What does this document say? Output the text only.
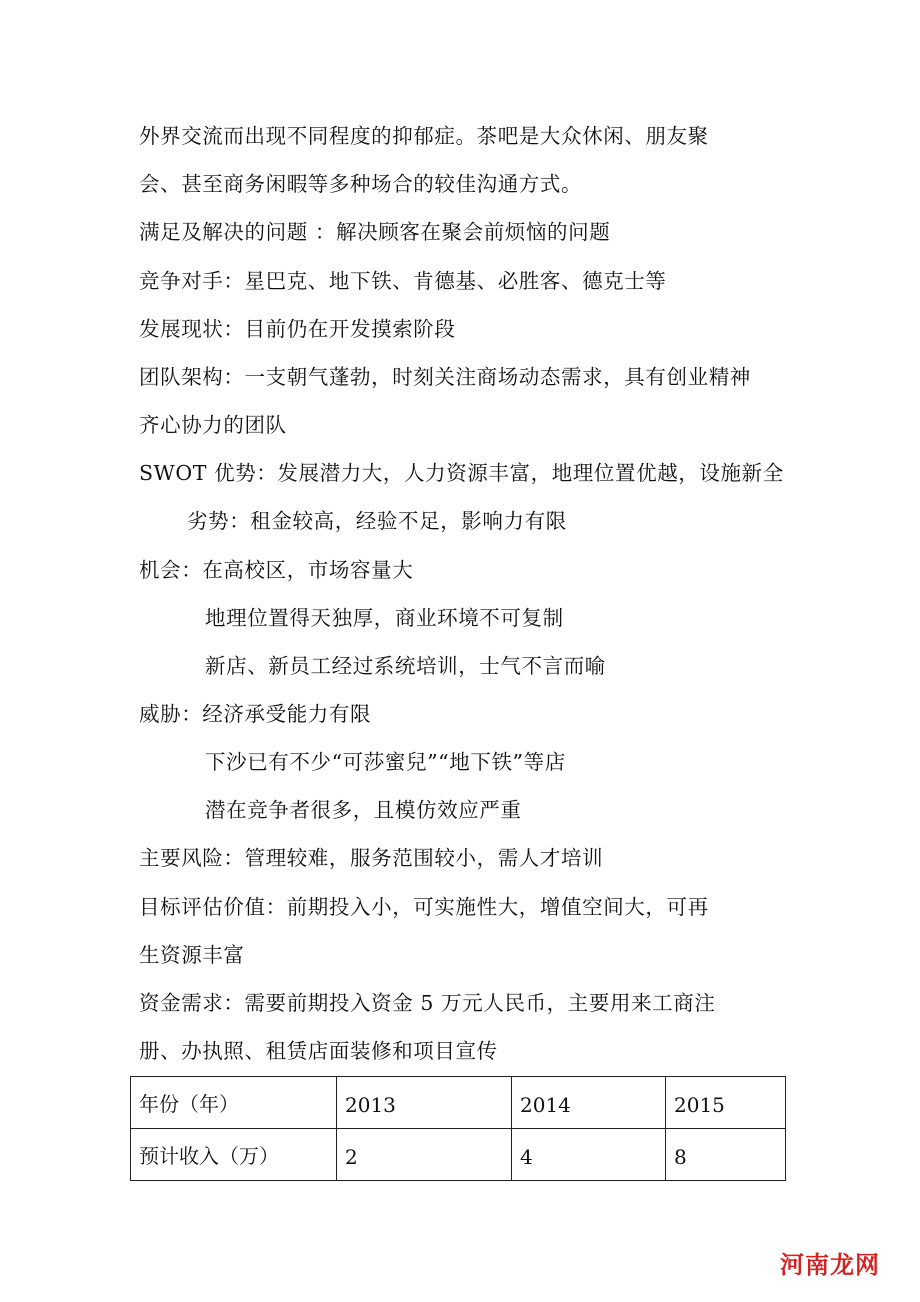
外界交流而出现不同程度的抑郁症。茶吧是大众休闲、朋友聚
会、甚至商务闲暇等多种场合的较佳沟通方式。
满足及解决的问题 ：解决顾客在聚会前烦恼的问题
竞争对手：星巴克、地下铁、肯德基、必胜客、德克士等
发展现状：目前仍在开发摸索阶段
团队架构：一支朝气蓬勃，时刻关注商场动态需求，具有创业精神
齐心协力的团队
SWOT 优势：发展潜力大，人力资源丰富，地理位置优越，设施新全
劣势：租金较高，经验不足，影响力有限
机会：在高校区，市场容量大
地理位置得天独厚，商业环境不可复制
新店、新员工经过系统培训，士气不言而喻
威胁：经济承受能力有限
下沙已有不少“可莎蜜兒”“地下铁”等店
潜在竞争者很多，且模仿效应严重
主要风险：管理较难，服务范围较小，需人才培训
目标评估价值：前期投入小，可实施性大，增值空间大，可再
生资源丰富
资金需求：需要前期投入资金 5 万元人民币，主要用来工商注
册、办执照、租赁店面装修和项目宣传
年份（年）	2013	2014	2015
预计收入（万）	2	4	8
河南龙网
